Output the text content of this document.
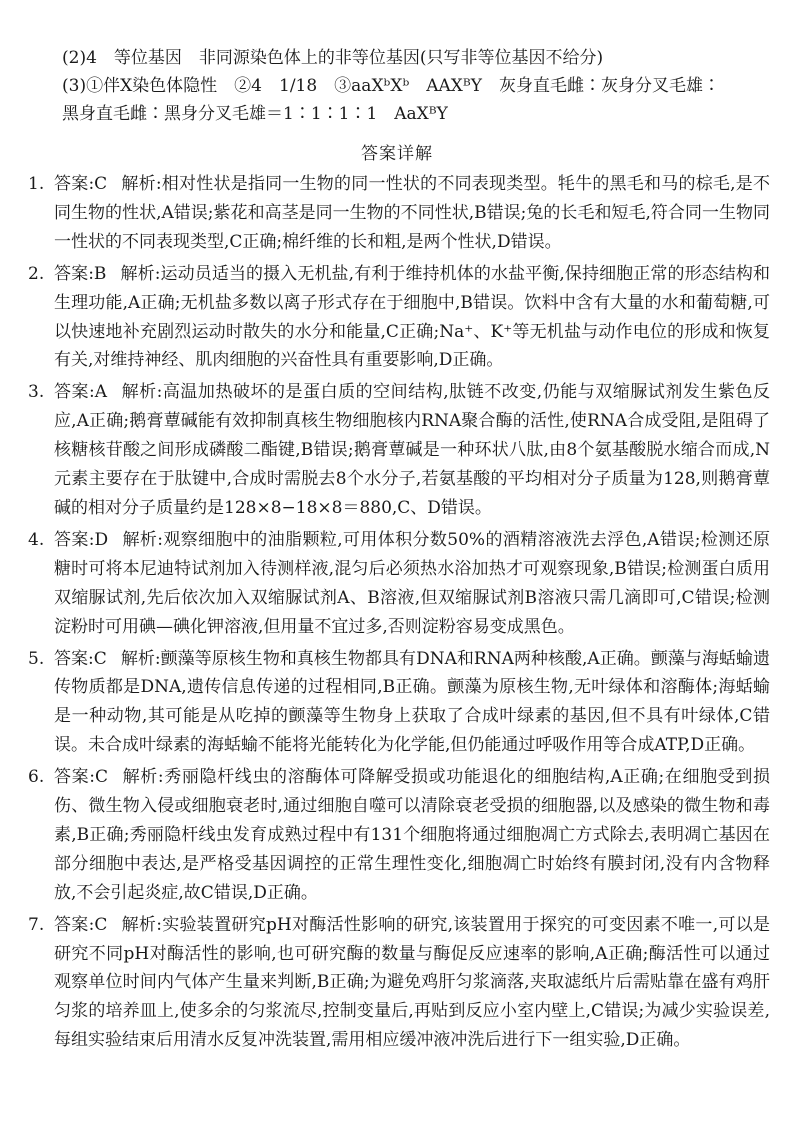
(2)4　等位基因　非同源染色体上的非等位基因(只写非等位基因不给分)
(3)①伴X染色体隐性　②4　1/18　③aaXᵇXᵇ　AAXᴮY　灰身直毛雌∶灰身分叉毛雄∶
黑身直毛雌∶黑身分叉毛雄＝1∶1∶1∶1　AaXᴮY
答案详解
1. 答案:C 解析:相对性状是指同一生物的同一性状的不同表现类型。牦牛的黑毛和马的棕毛,是不同生物的性状,A错误;紫花和高茎是同一生物的不同性状,B错误;兔的长毛和短毛,符合同一生物同一性状的不同表现类型,C正确;棉纤维的长和粗,是两个性状,D错误。
2. 答案:B 解析:运动员适当的摄入无机盐,有利于维持机体的水盐平衡,保持细胞正常的形态结构和生理功能,A正确;无机盐多数以离子形式存在于细胞中,B错误。饮料中含有大量的水和葡萄糖,可以快速地补充剧烈运动时散失的水分和能量,C正确;Na⁺、K⁺等无机盐与动作电位的形成和恢复有关,对维持神经、肌肉细胞的兴奋性具有重要影响,D正确。
3. 答案:A 解析:高温加热破坏的是蛋白质的空间结构,肽链不改变,仍能与双缩脲试剂发生紫色反应,A正确;鹅膏蕈碱能有效抑制真核生物细胞核内RNA聚合酶的活性,使RNA合成受阻,是阻碍了核糖核苷酸之间形成磷酸二酯键,B错误;鹅膏蕈碱是一种环状八肽,由8个氨基酸脱水缩合而成,N元素主要存在于肽键中,合成时需脱去8个水分子,若氨基酸的平均相对分子质量为128,则鹅膏蕈碱的相对分子质量约是128×8−18×8＝880,C、D错误。
4. 答案:D 解析:观察细胞中的油脂颗粒,可用体积分数50%的酒精溶液洗去浮色,A错误;检测还原糖时可将本尼迪特试剂加入待测样液,混匀后必须热水浴加热才可观察现象,B错误;检测蛋白质用双缩脲试剂,先后依次加入双缩脲试剂A、B溶液,但双缩脲试剂B溶液只需几滴即可,C错误;检测淀粉时可用碘—碘化钾溶液,但用量不宜过多,否则淀粉容易变成黑色。
5. 答案:C 解析:颤藻等原核生物和真核生物都具有DNA和RNA两种核酸,A正确。颤藻与海蛞蝓遗传物质都是DNA,遗传信息传递的过程相同,B正确。颤藻为原核生物,无叶绿体和溶酶体;海蛞蝓是一种动物,其可能是从吃掉的颤藻等生物身上获取了合成叶绿素的基因,但不具有叶绿体,C错误。未合成叶绿素的海蛞蝓不能将光能转化为化学能,但仍能通过呼吸作用等合成ATP,D正确。
6. 答案:C 解析:秀丽隐杆线虫的溶酶体可降解受损或功能退化的细胞结构,A正确;在细胞受到损伤、微生物入侵或细胞衰老时,通过细胞自噬可以清除衰老受损的细胞器,以及感染的微生物和毒素,B正确;秀丽隐杆线虫发育成熟过程中有131个细胞将通过细胞凋亡方式除去,表明凋亡基因在部分细胞中表达,是严格受基因调控的正常生理性变化,细胞凋亡时始终有膜封闭,没有内含物释放,不会引起炎症,故C错误,D正确。
7. 答案:C 解析:实验装置研究pH对酶活性影响的研究,该装置用于探究的可变因素不唯一,可以是研究不同pH对酶活性的影响,也可研究酶的数量与酶促反应速率的影响,A正确;酶活性可以通过观察单位时间内气体产生量来判断,B正确;为避免鸡肝匀浆滴落,夹取滤纸片后需贴靠在盛有鸡肝匀浆的培养皿上,使多余的匀浆流尽,控制变量后,再贴到反应小室内壁上,C错误;为减少实验误差,每组实验结束后用清水反复冲洗装置,需用相应缓冲液冲洗后进行下一组实验,D正确。
